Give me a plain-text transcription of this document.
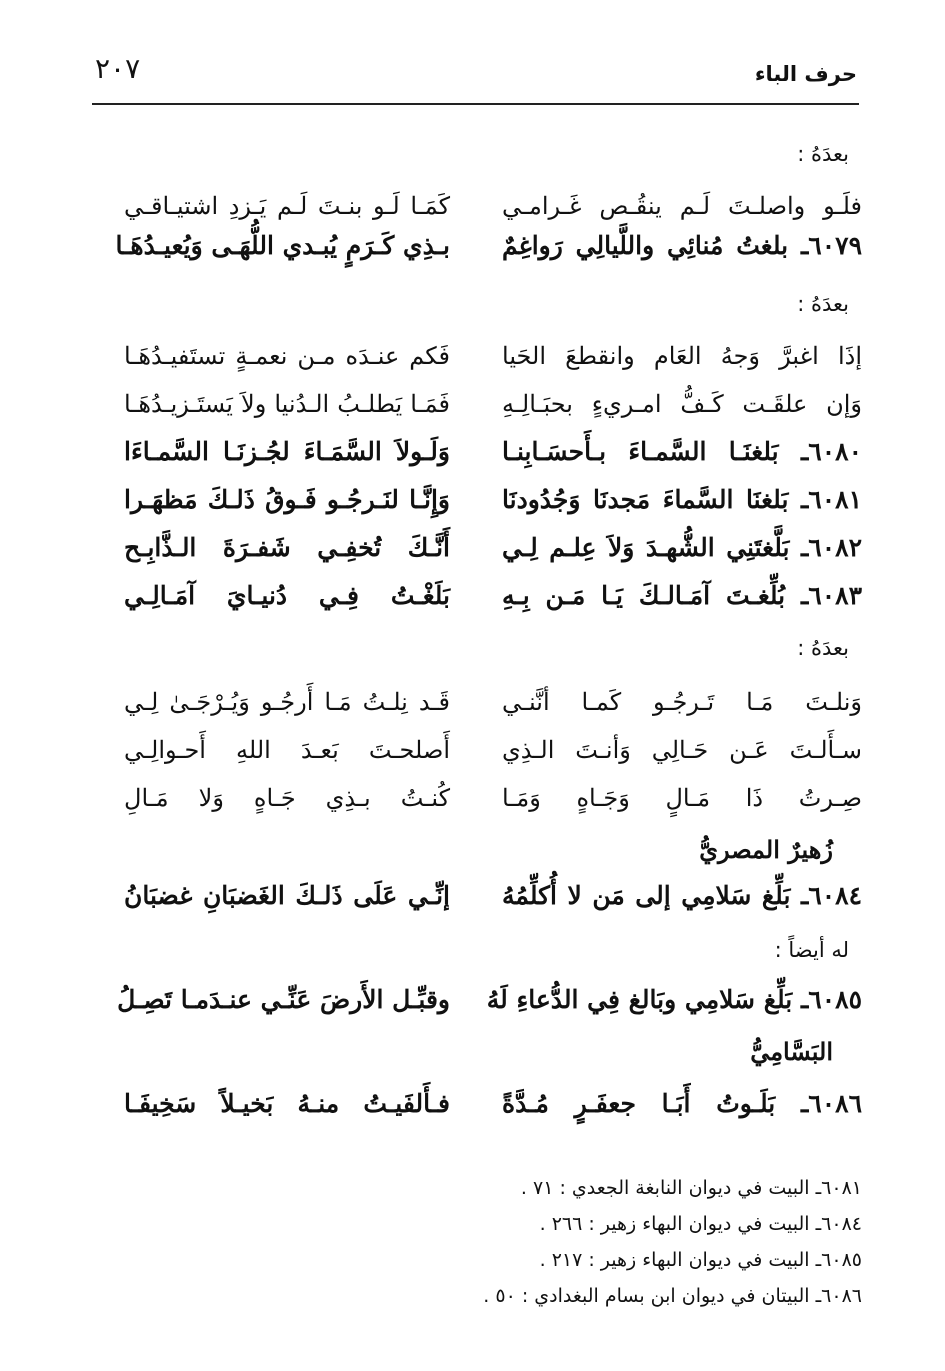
٢٠٧	حرف الباء
بعدَهُ :
فلَـو واصلـتَ لَـم ينقُـص غَـرامـي
كَمَـا لَـو بنـتَ لَـم يَـزدِ اشتيـاقـي
٦٠٧٩ـ بلغتُ مُنائِي واللَّيالِي رَواغِمٌ
بـذِي كَـرَمٍ يُبـدي اللُّهَـى وَيُعيـدُهَـا
بعدَهُ :
إذَا اغبرَّ وَجهُ العَام وانقطعَ الحَيا
فَكم عنـدَه مـن نعمـةٍ تستَفيـدُهَـا
وَإن علقَـت كَـفُّ امـريءٍ بحبَـالِـهِ
فَمَـا يَطلـبُ الـدُنيا ولاَ يَستَـزيـدُهَـا
٦٠٨٠ـ بَلغنَـا السَّمـاءَ بـأَحسَـابِنـا
وَلَـولاَ السَّمَـاءَ لجُـزنَـا السَّمـاءَا
٦٠٨١ـ بَلغنَا السَّماءَ مَجدنَا وَجُدُودنَا
وَإِنَّـا لنَـرجُـو فَـوقُ ذَلـكَ مَظهَـرا
٦٠٨٢ـ بَلَّغتَنِي الشُّهـدَ وَلاَ عِلـم لِـي
أَنَّـكَ تُخفِـي شَفـرَةَ الـذَّابِـح
٦٠٨٣ـ بُلِّغـتَ آمَـالـكَ يَـا مَـن بِـهِ
بَلَغْـتُ فِـي دُنيـايَ آمَـالِـي
بعدَهُ :
وَنلـتَ مَـا تَـرجُـو كَمـا أنَّنـي
قَـد نِلـتُ مَـا أَرجُـو وَيُـرْجَـىٰ لِـي
سـأَلـتَ عَـن حَـالِي وَأنـتَ الـذِي
أَصلحـتَ بَعـدَ اللهِ أَحـوالِـي
صِـرتُ ذَا مَـالٍ وَجَـاهٍ وَمَـا
كُنـتُ بـذِي جَـاهٍ وَلا مَـالِ
زُهيرٌ المصريُّ
٦٠٨٤ـ بَلِّغ سَلامِي إلى مَن لا أُكلِّمُهُ
إنِّـي عَلَى ذَلـكَ الغَضبَانِ غضبَانُ
له أيضاً :
٦٠٨٥ـ بَلِّغ سَلامِي وبَالغ فِي الدُّعاءِ لَهُ
وقبِّـل الأَرضَ عَنِّـي عنـدَمـا تَصِـلُ
البَسَّامِيُّ
٦٠٨٦ـ بَلَـوتُ أَبَـا جعفَـرٍ مُـدَّةً
فـأَلفَيـتُ منـهُ بَخيـلاً سَخِيفَـا
٦٠٨١ـ البيت في ديوان النابغة الجعدي : ٧١ .
٦٠٨٤ـ البيت في ديوان البهاء زهير : ٢٦٦ .
٦٠٨٥ـ البيت في ديوان البهاء زهير : ٢١٧ .
٦٠٨٦ـ البيتان في ديوان ابن بسام البغدادي : ٥٠ .
